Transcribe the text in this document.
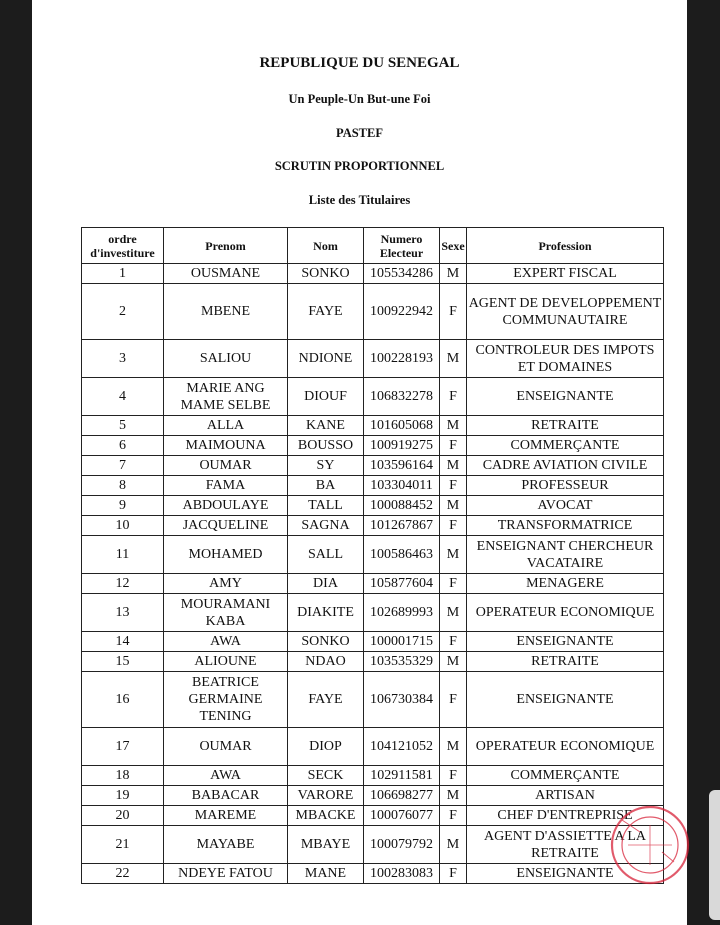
REPUBLIQUE DU SENEGAL
Un Peuple-Un But-une Foi
PASTEF
SCRUTIN PROPORTIONNEL
Liste des Titulaires
ordre d'investiture	Prenom	Nom	Numero Electeur	Sexe	Profession
1	OUSMANE	SONKO	105534286	M	EXPERT FISCAL
2	MBENE	FAYE	100922942	F	AGENT DE DEVELOPPEMENT COMMUNAUTAIRE
3	SALIOU	NDIONE	100228193	M	CONTROLEUR DES IMPOTS ET DOMAINES
4	MARIE ANG MAME SELBE	DIOUF	106832278	F	ENSEIGNANTE
5	ALLA	KANE	101605068	M	RETRAITE
6	MAIMOUNA	BOUSSO	100919275	F	COMMERÇANTE
7	OUMAR	SY	103596164	M	CADRE AVIATION CIVILE
8	FAMA	BA	103304011	F	PROFESSEUR
9	ABDOULAYE	TALL	100088452	M	AVOCAT
10	JACQUELINE	SAGNA	101267867	F	TRANSFORMATRICE
11	MOHAMED	SALL	100586463	M	ENSEIGNANT CHERCHEUR VACATAIRE
12	AMY	DIA	105877604	F	MENAGERE
13	MOURAMANI KABA	DIAKITE	102689993	M	OPERATEUR ECONOMIQUE
14	AWA	SONKO	100001715	F	ENSEIGNANTE
15	ALIOUNE	NDAO	103535329	M	RETRAITE
16	BEATRICE GERMAINE TENING	FAYE	106730384	F	ENSEIGNANTE
17	OUMAR	DIOP	104121052	M	OPERATEUR ECONOMIQUE
18	AWA	SECK	102911581	F	COMMERÇANTE
19	BABACAR	VARORE	106698277	M	ARTISAN
20	MAREME	MBACKE	100076077	F	CHEF D'ENTREPRISE
21	MAYABE	MBAYE	100079792	M	AGENT D'ASSIETTE A LA RETRAITE
22	NDEYE FATOU	MANE	100283083	F	ENSEIGNANTE
